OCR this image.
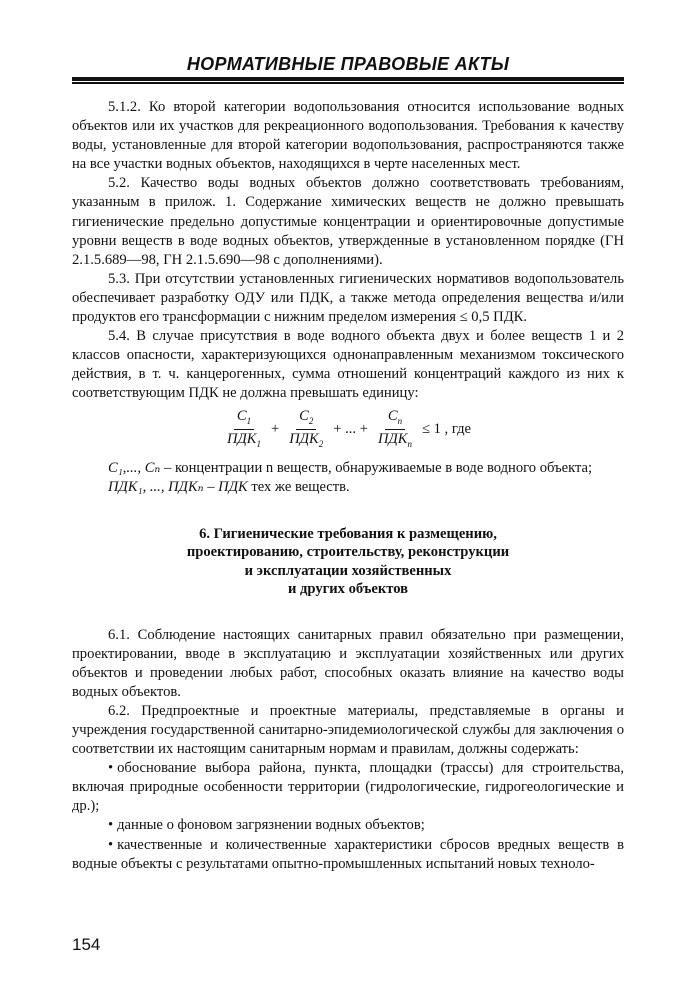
НОРМАТИВНЫЕ ПРАВОВЫЕ АКТЫ

5.1.2. Ко второй категории водопользования относится использование водных объектов или их участков для рекреационного водопользования. Требования к качеству воды, установленные для второй категории водопользования, распространяются также на все участки водных объектов, находящихся в черте населенных мест.

5.2. Качество воды водных объектов должно соответствовать требованиям, указанным в прилож. 1. Содержание химических веществ не должно превышать гигиенические предельно допустимые концентрации и ориентировочные допустимые уровни веществ в воде водных объектов, утвержденные в установленном порядке (ГН 2.1.5.689—98, ГН 2.1.5.690—98 с дополнениями).

5.3. При отсутствии установленных гигиенических нормативов водопользователь обеспечивает разработку ОДУ или ПДК, а также метода определения вещества и/или продуктов его трансформации с нижним пределом измерения ≤ 0,5 ПДК.

5.4. В случае присутствия в воде водного объекта двух и более веществ 1 и 2 классов опасности, характеризующихся однонаправленным механизмом токсического действия, в т. ч. канцерогенных, сумма отношений концентраций каждого из них к соответствующим ПДК не должна превышать единицу:

$\frac{C_1}{ПДК_1} + \frac{C_2}{ПДК_2}$ + ... + $\frac{C_n}{ПДК_n} \le 1$ , где

C₁,..., Cₙ – концентрации n веществ, обнаруживаемые в воде водного объекта;

ПДК₁, ..., ПДКₙ – ПДК тех же веществ.

6. Гигиенические требования к размещению,
проектированию, строительству, реконструкции
и эксплуатации хозяйственных
и других объектов

6.1. Соблюдение настоящих санитарных правил обязательно при размещении, проектировании, вводе в эксплуатацию и эксплуатации хозяйственных или других объектов и проведении любых работ, способных оказать влияние на качество воды водных объектов.

6.2. Предпроектные и проектные материалы, представляемые в органы и учреждения государственной санитарно-эпидемиологической службы для заключения о соответствии их настоящим санитарным нормам и правилам, должны содержать:

• обоснование выбора района, пункта, площадки (трассы) для строительства, включая природные особенности территории (гидрологические, гидрогеологические и др.);
• данные о фоновом загрязнении водных объектов;
• качественные и количественные характеристики сбросов вредных веществ в водные объекты с результатами опытно-промышленных испытаний новых техноло-
154
